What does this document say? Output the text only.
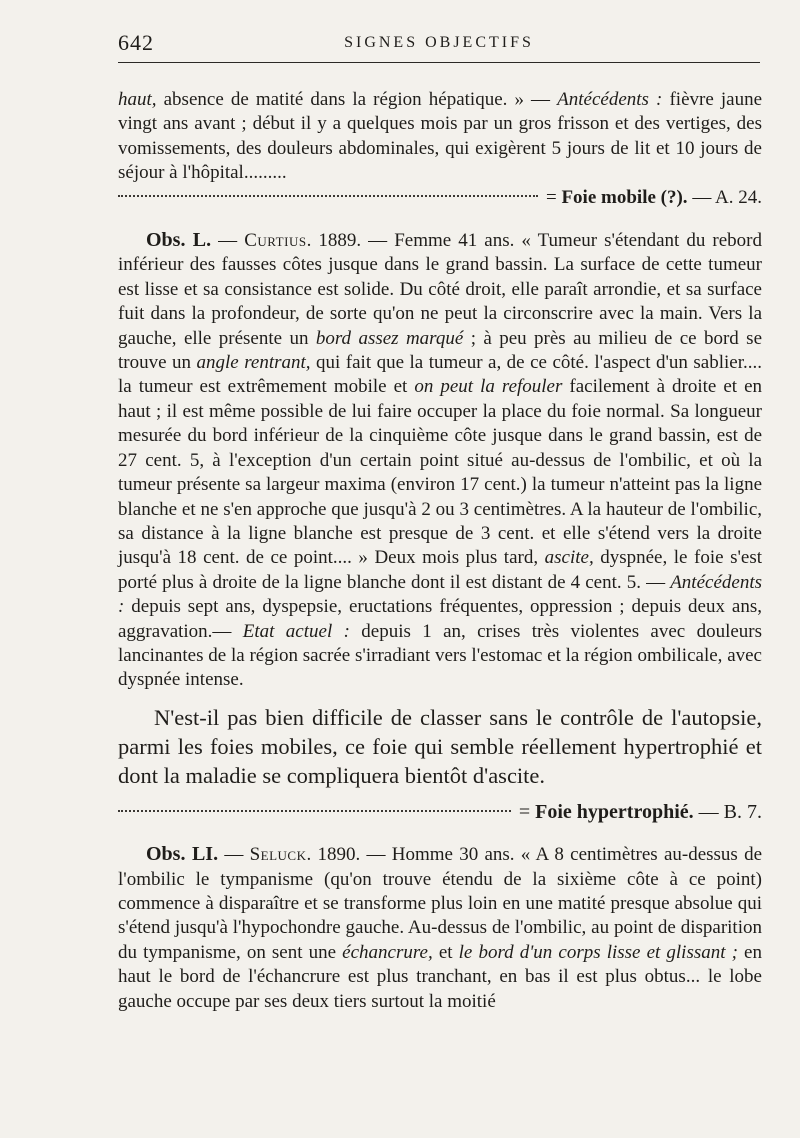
642	SIGNES OBJECTIFS

haut, absence de matité dans la région hépatique. » — Antécédents : fièvre jaune vingt ans avant ; début il y a quelques mois par un gros frisson et des vertiges, des vomissements, des douleurs abdominales, qui exigèrent 5 jours de lit et 10 jours de séjour à l'hôpital.........

= Foie mobile (?). — A. 24.

Obs. L. — Curtius. 1889. — Femme 41 ans. « Tumeur s'étendant du rebord inférieur des fausses côtes jusque dans le grand bassin. La surface de cette tumeur est lisse et sa consistance est solide. Du côté droit, elle paraît arrondie, et sa surface fuit dans la profondeur, de sorte qu'on ne peut la circonscrire avec la main. Vers la gauche, elle présente un bord assez marqué ; à peu près au milieu de ce bord se trouve un angle rentrant, qui fait que la tumeur a, de ce côté. l'aspect d'un sablier.... la tumeur est extrêmement mobile et on peut la refouler facilement à droite et en haut ; il est même possible de lui faire occuper la place du foie normal. Sa longueur mesurée du bord inférieur de la cinquième côte jusque dans le grand bassin, est de 27 cent. 5, à l'exception d'un certain point situé au-dessus de l'ombilic, et où la tumeur présente sa largeur maxima (environ 17 cent.) la tumeur n'atteint pas la ligne blanche et ne s'en approche que jusqu'à 2 ou 3 centimètres. A la hauteur de l'ombilic, sa distance à la ligne blanche est presque de 3 cent. et elle s'étend vers la droite jusqu'à 18 cent. de ce point.... » Deux mois plus tard, ascite, dyspnée, le foie s'est porté plus à droite de la ligne blanche dont il est distant de 4 cent. 5. — Antécédents : depuis sept ans, dyspepsie, eructations fréquentes, oppression ; depuis deux ans, aggravation.— Etat actuel : depuis 1 an, crises très violentes avec douleurs lancinantes de la région sacrée s'irradiant vers l'estomac et la région ombilicale, avec dyspnée intense.

N'est-il pas bien difficile de classer sans le contrôle de l'autopsie, parmi les foies mobiles, ce foie qui semble réellement hypertrophié et dont la maladie se compliquera bientôt d'ascite.

= Foie hypertrophié. — B. 7.

Obs. LI. — Seluck. 1890. — Homme 30 ans. « A 8 centimètres au-dessus de l'ombilic le tympanisme (qu'on trouve étendu de la sixième côte à ce point) commence à disparaître et se transforme plus loin en une matité presque absolue qui s'étend jusqu'à l'hypochondre gauche. Au-dessus de l'ombilic, au point de disparition du tympanisme, on sent une échancrure, et le bord d'un corps lisse et glissant ; en haut le bord de l'échancrure est plus tranchant, en bas il est plus obtus... le lobe gauche occupe par ses deux tiers surtout la moitié
